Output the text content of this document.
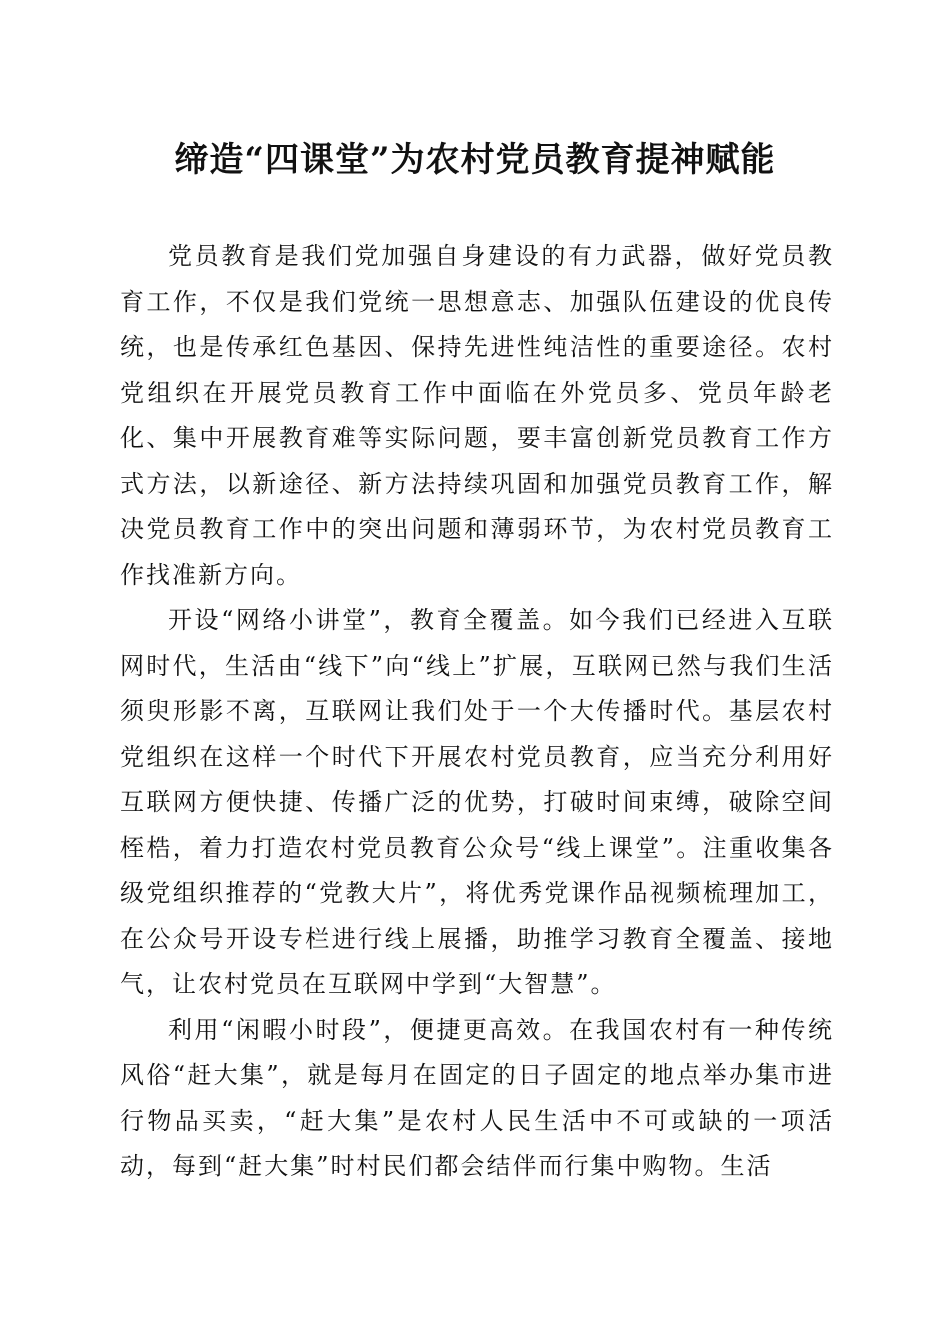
缔造“四课堂”为农村党员教育提神赋能

党员教育是我们党加强自身建设的有力武器，做好党员教育工作，不仅是我们党统一思想意志、加强队伍建设的优良传统，也是传承红色基因、保持先进性纯洁性的重要途径。农村党组织在开展党员教育工作中面临在外党员多、党员年龄老化、集中开展教育难等实际问题，要丰富创新党员教育工作方式方法，以新途径、新方法持续巩固和加强党员教育工作，解决党员教育工作中的突出问题和薄弱环节，为农村党员教育工作找准新方向。

开设“网络小讲堂”，教育全覆盖。如今我们已经进入互联网时代，生活由“线下”向“线上”扩展，互联网已然与我们生活须臾形影不离，互联网让我们处于一个大传播时代。基层农村党组织在这样一个时代下开展农村党员教育，应当充分利用好互联网方便快捷、传播广泛的优势，打破时间束缚，破除空间桎梏，着力打造农村党员教育公众号“线上课堂”。注重收集各级党组织推荐的“党教大片”，将优秀党课作品视频梳理加工，在公众号开设专栏进行线上展播，助推学习教育全覆盖、接地气，让农村党员在互联网中学到“大智慧”。

利用“闲暇小时段”，便捷更高效。在我国农村有一种传统风俗“赶大集”，就是每月在固定的日子固定的地点举办集市进行物品买卖，“赶大集”是农村人民生活中不可或缺的一项活动，每到“赶大集”时村民们都会结伴而行集中购物。生活
